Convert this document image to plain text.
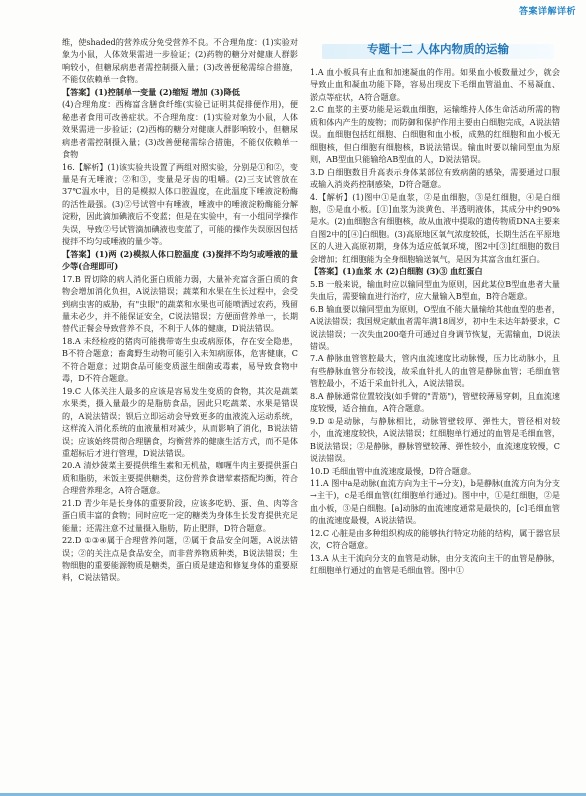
答案详解详析
专题十二 人体内物质的运输

维，使shaded的营养成分免受营养不良。不合理角度：(1)实验对象为小鼠，人体效果需进一步验证；(2)药物的糖分对健康人群影响较小，但糖尿病患者需控制摄入量；(3)改善便秘需综合措施，不能仅依赖单一食物。

【答案】(1)控制单一变量 (2)缩短 增加 (3)降低

(4)合理角度：西梅富含膳食纤维(实验已证明其促排便作用)，便秘患者食用可改善症状。不合理角度：(1)实验对象为小鼠，人体效果需进一步验证；(2)西梅的糖分对健康人群影响较小，但糖尿病患者需控制摄入量；(3)改善便秘需综合措施，不能仅依赖单一食物

16.【解析】(1)该实验共设置了两组对照实验，分别是①和②，变量是有无唾液；②和③，变量是牙齿的咀嚼。(2)三支试管放在37℃温水中，目的是模拟人体口腔温度，在此温度下唾液淀粉酶的活性最强。(3)②号试管中有唾液，唾液中的唾液淀粉酶能分解淀粉，因此滴加碘液后不变蓝；但是在实验中，有一小组同学操作失误，导致②号试管滴加碘液也变蓝了，可能的操作失误原因包括搅拌不均匀或唾液的量少等。

【答案】(1)两 (2)模拟人体口腔温度 (3)搅拌不均匀或唾液的量少等(合理即可)

17.B 胃切除的病人消化蛋白质能力弱，大量补充富含蛋白质的食物会增加消化负担，A说法错误；蔬菜和水果在生长过程中，会受到病虫害的威胁，有"虫眼"的蔬菜和水果也可能喷洒过农药，残留量未必少，并不能保证安全，C说法错误；方便面营养单一，长期替代正餐会导致营养不良，不利于人体的健康，D说法错误。

18.A 未经检疫的猪肉可能携带寄生虫或病原体，存在安全隐患，B不符合题意；畜禽野生动物可能引入未知病原体，危害健康，C不符合题意；过期食品可能变质滋生细菌或毒素，易导致食物中毒，D不符合题意。

19.C 人体关注人最多的应该是容易发生变质的食物，其次是蔬菜水果类，摄入量最少的是脂肪食品，因此只吃蔬菜、水果是错误的，A说法错误；钡后立即运动会导致更多的血液流入运动系统，这样流入消化系统的血液量相对减少，从而影响了消化，B说法错误；应该始终贯彻合理膳食，均衡营养的健康生活方式，而不是体重超标后才进行管理，D说法错误。

20.A 清炒菠菜主要提供维生素和无机盐，咖喱牛肉主要提供蛋白质和脂肪，米饭主要提供糖类，这份营养食谱荤素搭配均衡，符合合理营养理念，A符合题意。

21.D 青少年是长身体的重要阶段，应该多吃奶、蛋、鱼、肉等含蛋白质丰富的食物；同时应吃一定的糖类为身体生长发育提供充足能量；还需注意不过量摄入脂肪，防止肥胖，D符合题意。

22.D ①③④属于合理营养问题，②属于食品安全问题，A说法错误；②的关注点是食品安全，而非营养物质种类，B说法错误；生物细胞的重要能源物质是糖类，蛋白质是建造和修复身体的重要原料，C说法错误。

1.A 血小板具有止血和加速凝血的作用。如果血小板数量过少，就会导致止血和凝血功能下降，容易出现皮下毛细血管溢血、不易凝血、淤点等症状，A符合题意。

2.C 血浆的主要功能是运载血细胞，运输维持人体生命活动所需的物质和体内产生的废物；而防御和保护作用主要由白细胞完成，A说法错误。血细胞包括红细胞、白细胞和血小板，成熟的红细胞和血小板无细胞核，但白细胞有细胞核，B说法错误。输血时要以输同型血为原则，AB型血只能输给AB型血的人，D说法错误。

3.D 白细胞数目升高表示身体某部位有致病菌的感染，需要通过口服或输入消炎药控制感染，D符合题意。

4.【解析】(1)图中①是血浆，②是血细胞，③是红细胞，④是白细胞，⑤是血小板。[①]血浆为淡黄色、半透明液体，其成分中约90%是水。(2)血细胞含有细胞核，故从血液中提取的遗传物质DNA主要来自图2中的[④]白细胞。(3)高原地区氧气浓度较低，长期生活在平原地区的人进入高原初期，身体为适应低氧环境，图2中[③]红细胞的数目会增加；红细胞能为全身细胞输送氧气，是因为其富含血红蛋白。

【答案】(1)血浆 水 (2)白细胞 (3)③ 血红蛋白

5.B 一般来说，输血时应以输同型血为原则，因此某位B型血患者大量失血后，需要输血进行治疗，应大量输入B型血，B符合题意。

6.B 输血要以输同型血为原则，O型血不能大量输给其他血型的患者，A说法错误；我国规定献血者需年满18周岁，初中生未达年龄要求，C说法错误；一次失血200毫升可通过自身调节恢复，无需输血，D说法错误。

7.A 静脉血管管腔最大，管内血流速度比动脉慢，压力比动脉小，且有些静脉血管分布较浅，故采血针扎人的血管是静脉血管；毛细血管管腔最小，不适于采血针扎入，A说法错误。

8.A 静脉通常位置较浅(如手臂的"青筋")，管壁较薄易穿刺，且血流速度较慢，适合抽血，A符合题意。

9.D ①是动脉，与静脉相比，动脉管壁较厚、弹性大，管径相对较小，血流速度较快，A说法错误；红细胞单行通过的血管是毛细血管，B说法错误；②是静脉，静脉管壁较薄、弹性较小，血流速度较慢，C说法错误。

10.D 毛细血管中血流速度最慢，D符合题意。

11.A 图中a是动脉(血流方向为主干→分支)，b是静脉(血流方向为分支→主干)，c是毛细血管(红细胞单行通过)。图中中，①是红细胞，②是血小板，③是白细胞。[a]动脉的血流速度通常是最快的，[c]毛细血管的血流速度最慢，A说法错误。

12.C 心脏是由多种组织构成的能够执行特定功能的结构，属于器官层次，C符合题意。

13.A 从主干流向分支的血管是动脉，由分支流向主干的血管是静脉，红细胞单行通过的血管是毛细血管。图中①
